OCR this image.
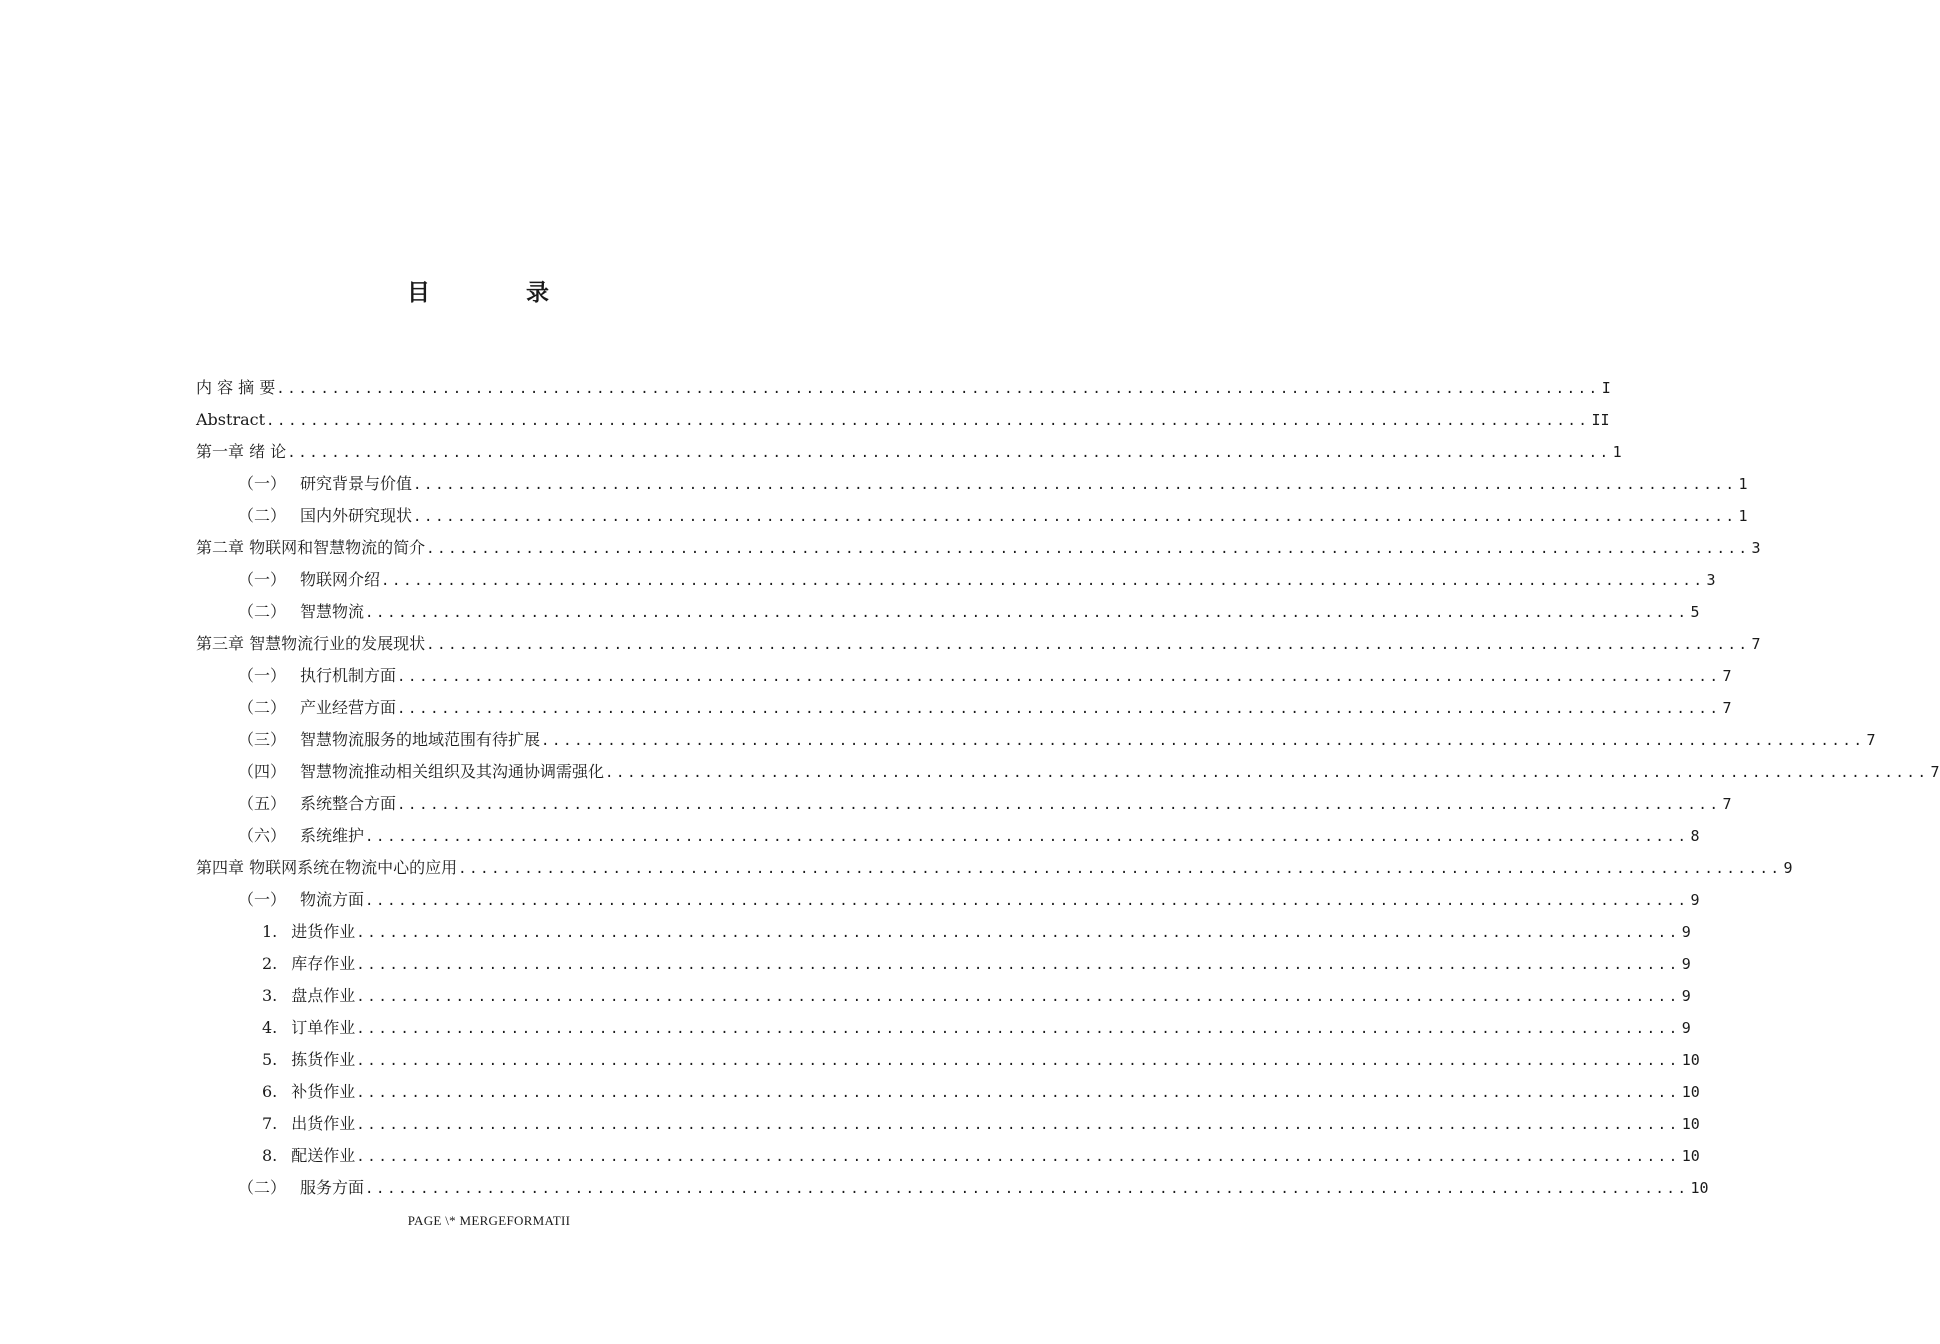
目 录
内 容 摘 要 ........................................................................................................................ I
Abstract ........................................................................................................................ II
第一章 绪 论 ........................................................................................................................ 1
（一） 研究背景与价值 ........................................................................................................................ 1
（二） 国内外研究现状 ........................................................................................................................ 1
第二章 物联网和智慧物流的简介 ........................................................................................................................ 3
（一） 物联网介绍 ........................................................................................................................ 3
（二） 智慧物流 ........................................................................................................................ 5
第三章 智慧物流行业的发展现状 ........................................................................................................................ 7
（一） 执行机制方面 ........................................................................................................................ 7
（二） 产业经营方面 ........................................................................................................................ 7
（三） 智慧物流服务的地域范围有待扩展 ........................................................................................................................ 7
（四） 智慧物流推动相关组织及其沟通协调需强化 ........................................................................................................................ 7
（五） 系统整合方面 ........................................................................................................................ 7
（六） 系统维护 ........................................................................................................................ 8
第四章 物联网系统在物流中心的应用 ........................................................................................................................ 9
（一） 物流方面 ........................................................................................................................ 9
1. 进货作业 ........................................................................................................................ 9
2. 库存作业 ........................................................................................................................ 9
3. 盘点作业 ........................................................................................................................ 9
4. 订单作业 ........................................................................................................................ 9
5. 拣货作业 ........................................................................................................................ 10
6. 补货作业 ........................................................................................................................ 10
7. 出货作业 ........................................................................................................................ 10
8. 配送作业 ........................................................................................................................ 10
（二） 服务方面 ........................................................................................................................ 10
PAGE \* MERGEFORMATII
